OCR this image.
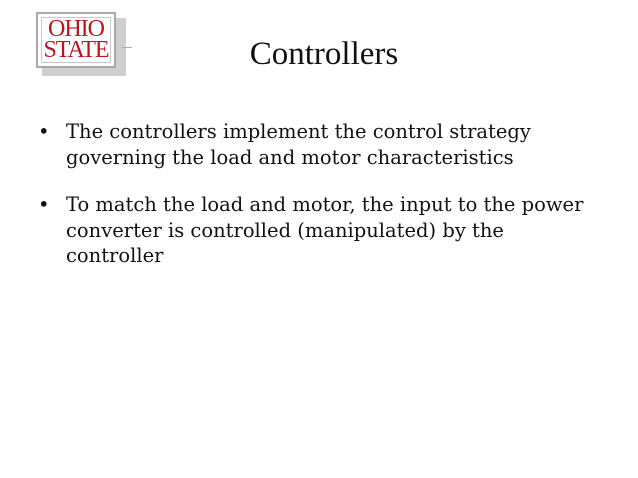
OHIO
STATE	Controllers
• The controllers implement the control strategy governing the load and motor characteristics
• To match the load and motor, the input to the power converter is controlled (manipulated) by the controller
